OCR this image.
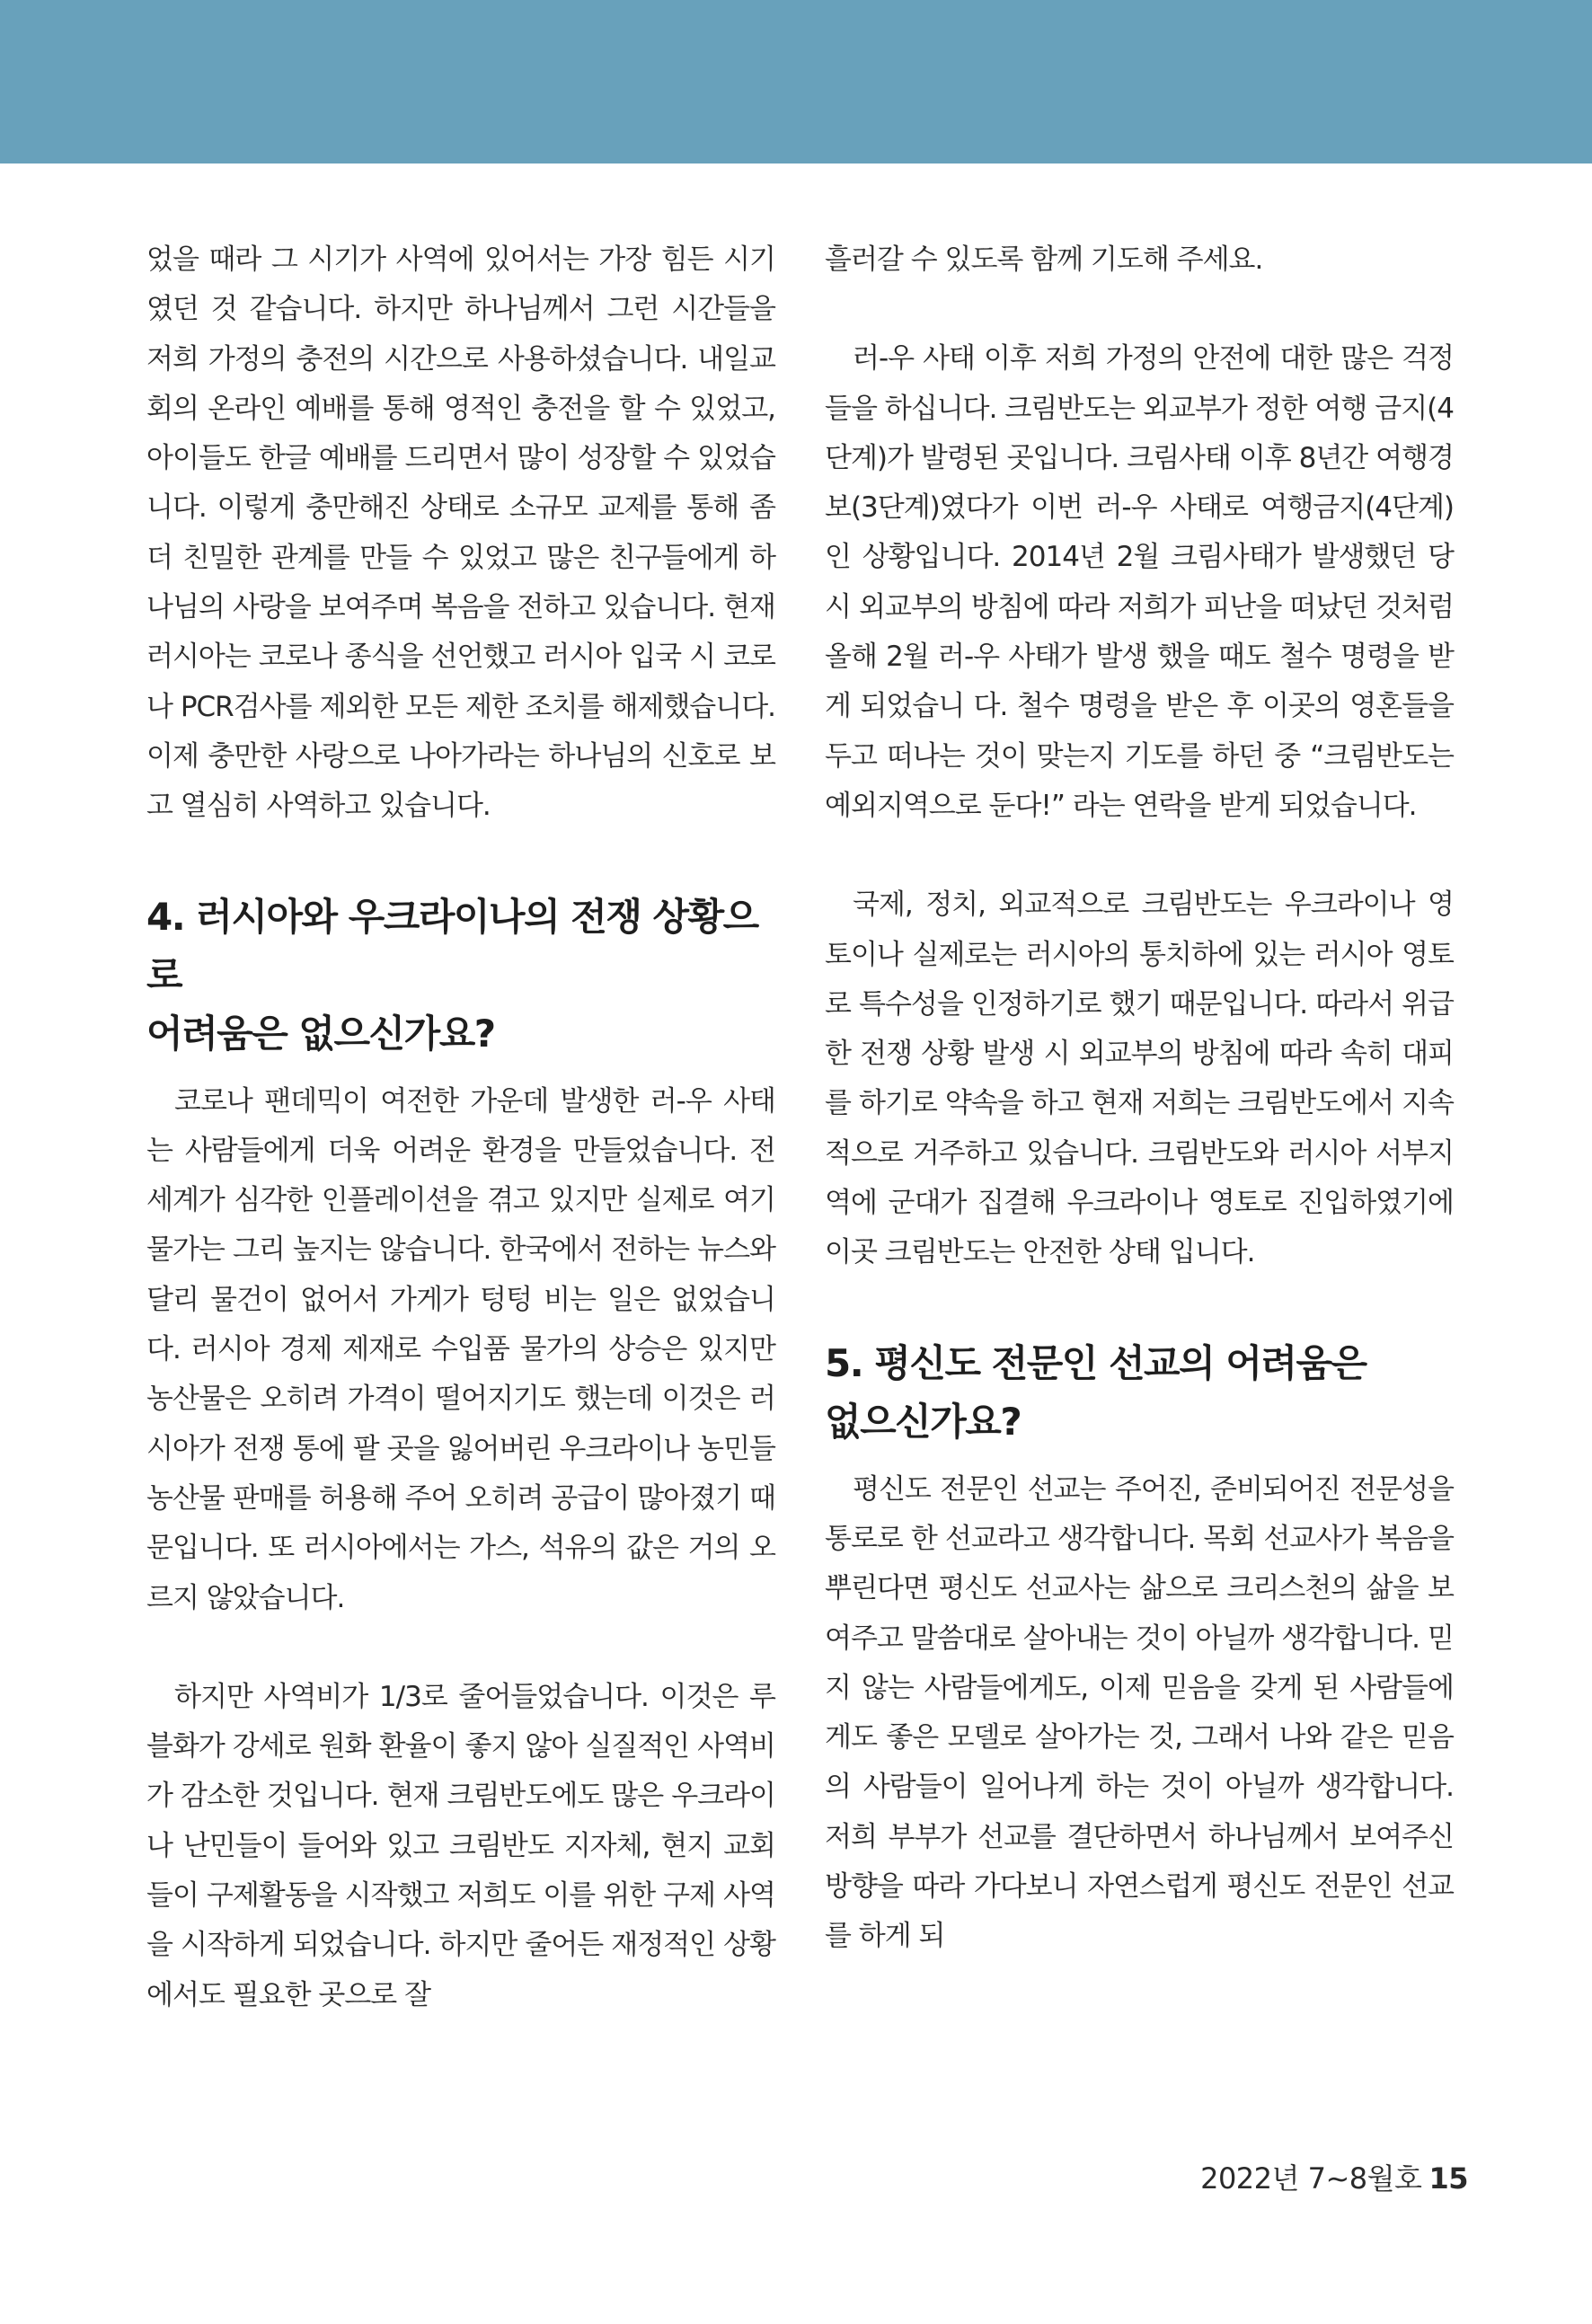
었을 때라 그 시기가 사역에 있어서는 가장 힘든 시기였던 것 같습니다. 하지만 하나님께서 그런 시간들을 저희 가정의 충전의 시간으로 사용하셨습니다. 내일교회의 온라인 예배를 통해 영적인 충전을 할 수 있었고, 아이들도 한글 예배를 드리면서 많이 성장할 수 있었습니다. 이렇게 충만해진 상태로 소규모 교제를 통해 좀 더 친밀한 관계를 만들 수 있었고 많은 친구들에게 하나님의 사랑을 보여주며 복음을 전하고 있습니다. 현재 러시아는 코로나 종식을 선언했고 러시아 입국 시 코로나 PCR검사를 제외한 모든 제한 조치를 해제했습니다. 이제 충만한 사랑으로 나아가라는 하나님의 신호로 보고 열심히 사역하고 있습니다.

4. 러시아와 우크라이나의 전쟁 상황으로
어려움은 없으신가요?

코로나 팬데믹이 여전한 가운데 발생한 러-우 사태는 사람들에게 더욱 어려운 환경을 만들었습니다. 전 세계가 심각한 인플레이션을 겪고 있지만 실제로 여기 물가는 그리 높지는 않습니다. 한국에서 전하는 뉴스와 달리 물건이 없어서 가게가 텅텅 비는 일은 없었습니다. 러시아 경제 제재로 수입품 물가의 상승은 있지만 농산물은 오히려 가격이 떨어지기도 했는데 이것은 러시아가 전쟁 통에 팔 곳을 잃어버린 우크라이나 농민들 농산물 판매를 허용해 주어 오히려 공급이 많아졌기 때문입니다. 또 러시아에서는 가스, 석유의 값은 거의 오르지 않았습니다.

하지만 사역비가 1/3로 줄어들었습니다. 이것은 루블화가 강세로 원화 환율이 좋지 않아 실질적인 사역비가 감소한 것입니다. 현재 크림반도에도 많은 우크라이나 난민들이 들어와 있고 크림반도 지자체, 현지 교회들이 구제활동을 시작했고 저희도 이를 위한 구제 사역을 시작하게 되었습니다. 하지만 줄어든 재정적인 상황에서도 필요한 곳으로 잘

흘러갈 수 있도록 함께 기도해 주세요.

러-우 사태 이후 저희 가정의 안전에 대한 많은 걱정들을 하십니다. 크림반도는 외교부가 정한 여행 금지(4단계)가 발령된 곳입니다. 크림사태 이후 8년간 여행경보(3단계)였다가 이번 러-우 사태로 여행금지(4단계)인 상황입니다. 2014년 2월 크림사태가 발생했던 당시 외교부의 방침에 따라 저희가 피난을 떠났던 것처럼 올해 2월 러-우 사태가 발생 했을 때도 철수 명령을 받게 되었습니 다. 철수 명령을 받은 후 이곳의 영혼들을 두고 떠나는 것이 맞는지 기도를 하던 중 “크림반도는 예외지역으로 둔다!” 라는 연락을 받게 되었습니다.

국제, 정치, 외교적으로 크림반도는 우크라이나 영토이나 실제로는 러시아의 통치하에 있는 러시아 영토로 특수성을 인정하기로 했기 때문입니다. 따라서 위급한 전쟁 상황 발생 시 외교부의 방침에 따라 속히 대피를 하기로 약속을 하고 현재 저희는 크림반도에서 지속적으로 거주하고 있습니다. 크림반도와 러시아 서부지역에 군대가 집결해 우크라이나 영토로 진입하였기에 이곳 크림반도는 안전한 상태 입니다.

5. 평신도 전문인 선교의 어려움은
없으신가요?

평신도 전문인 선교는 주어진, 준비되어진 전문성을 통로로 한 선교라고 생각합니다. 목회 선교사가 복음을 뿌린다면 평신도 선교사는 삶으로 크리스천의 삶을 보여주고 말씀대로 살아내는 것이 아닐까 생각합니다. 믿지 않는 사람들에게도, 이제 믿음을 갖게 된 사람들에게도 좋은 모델로 살아가는 것, 그래서 나와 같은 믿음의 사람들이 일어나게 하는 것이 아닐까 생각합니다. 저희 부부가 선교를 결단하면서 하나님께서 보여주신 방향을 따라 가다보니 자연스럽게 평신도 전문인 선교를 하게 되

2022년 7~8월호 15
